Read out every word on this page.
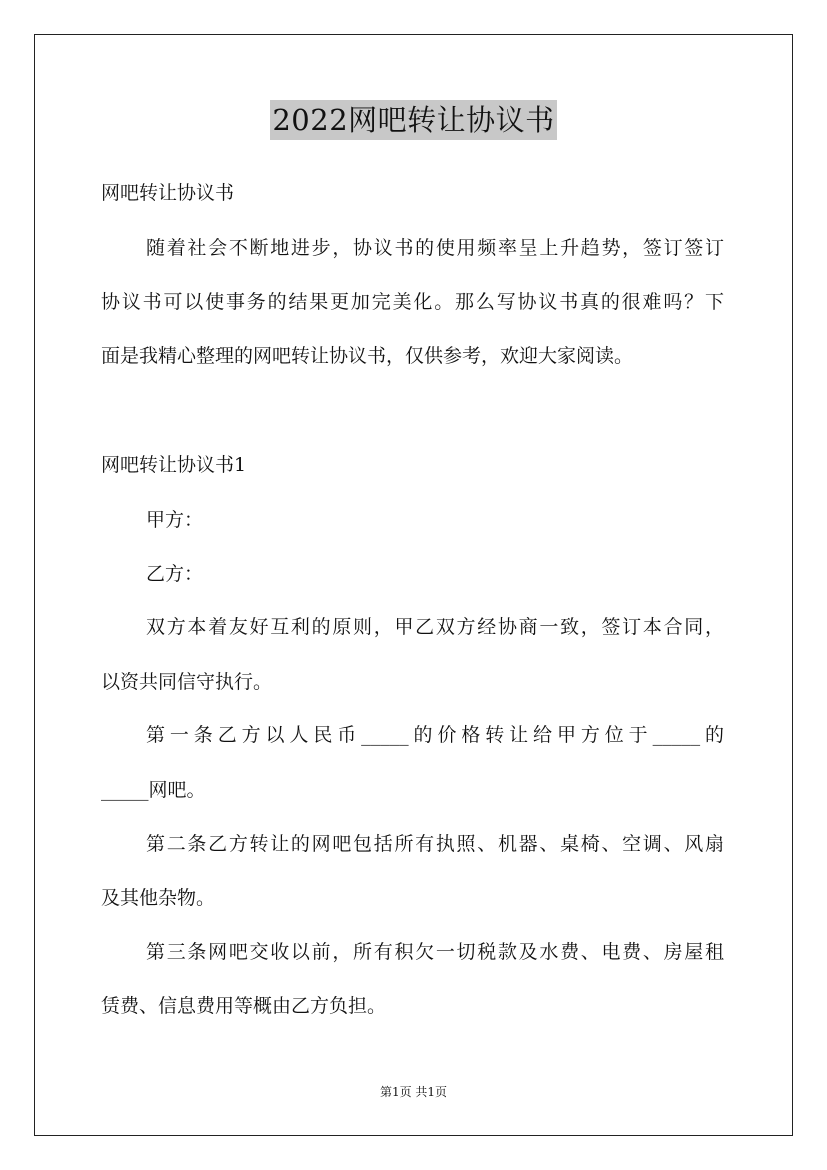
2022网吧转让协议书
网吧转让协议书
随着社会不断地进步，协议书的使用频率呈上升趋势，签订签订
协议书可以使事务的结果更加完美化。那么写协议书真的很难吗？下
面是我精心整理的网吧转让协议书，仅供参考，欢迎大家阅读。
网吧转让协议书1
甲方：
乙方：
双方本着友好互利的原则，甲乙双方经协商一致，签订本合同，
以资共同信守执行。
第一条乙方以人民币_____的价格转让给甲方位于_____的
_____网吧。
第二条乙方转让的网吧包括所有执照、机器、桌椅、空调、风扇
及其他杂物。
第三条网吧交收以前，所有积欠一切税款及水费、电费、房屋租
赁费、信息费用等概由乙方负担。
第1页 共1页
